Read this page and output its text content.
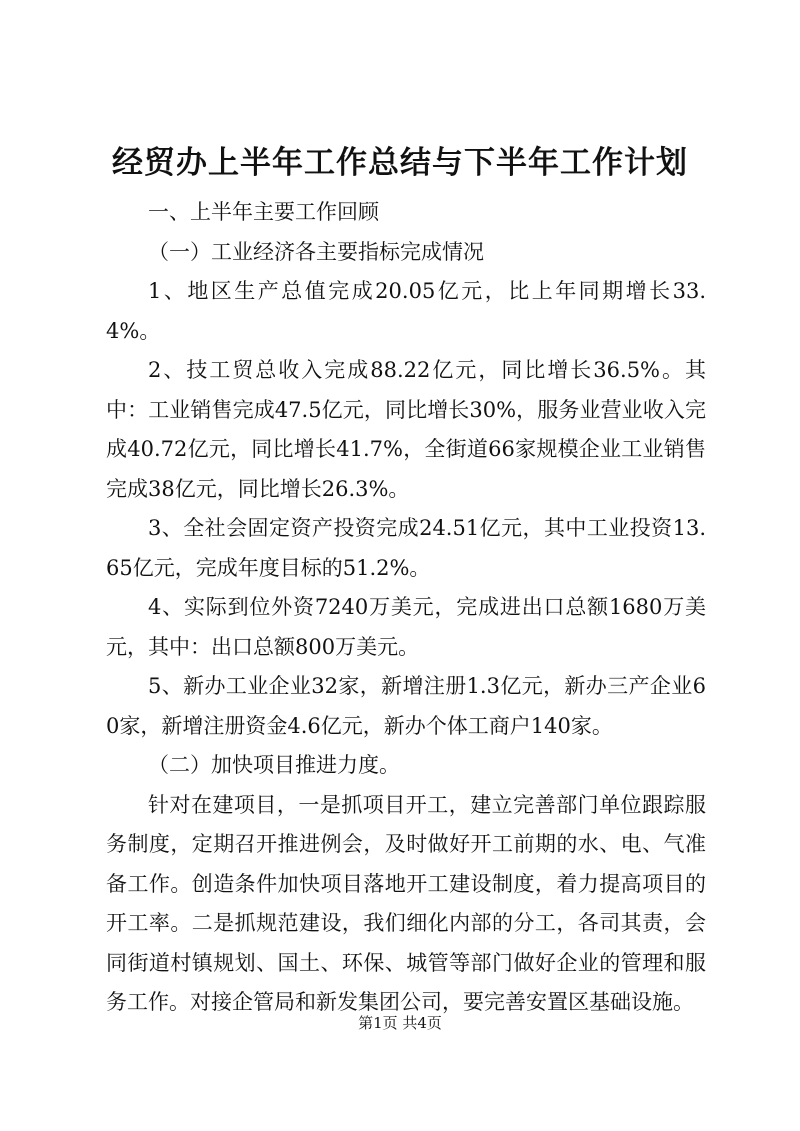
经贸办上半年工作总结与下半年工作计划

一、上半年主要工作回顾

（一）工业经济各主要指标完成情况

1、地区生产总值完成20.05亿元，比上年同期增长33.4%。

2、技工贸总收入完成88.22亿元，同比增长36.5%。其中：工业销售完成47.5亿元，同比增长30%，服务业营业收入完成40.72亿元，同比增长41.7%，全街道66家规模企业工业销售完成38亿元，同比增长26.3%。

3、全社会固定资产投资完成24.51亿元，其中工业投资13.65亿元，完成年度目标的51.2%。

4、实际到位外资7240万美元，完成进出口总额1680万美元，其中：出口总额800万美元。

5、新办工业企业32家，新增注册1.3亿元，新办三产企业60家，新增注册资金4.6亿元，新办个体工商户140家。

（二）加快项目推进力度。

针对在建项目，一是抓项目开工，建立完善部门单位跟踪服务制度，定期召开推进例会，及时做好开工前期的水、电、气准备工作。创造条件加快项目落地开工建设制度，着力提高项目的开工率。二是抓规范建设，我们细化内部的分工，各司其责，会同街道村镇规划、国土、环保、城管等部门做好企业的管理和服务工作。对接企管局和新发集团公司，要完善安置区基础设施。

第1页 共4页
